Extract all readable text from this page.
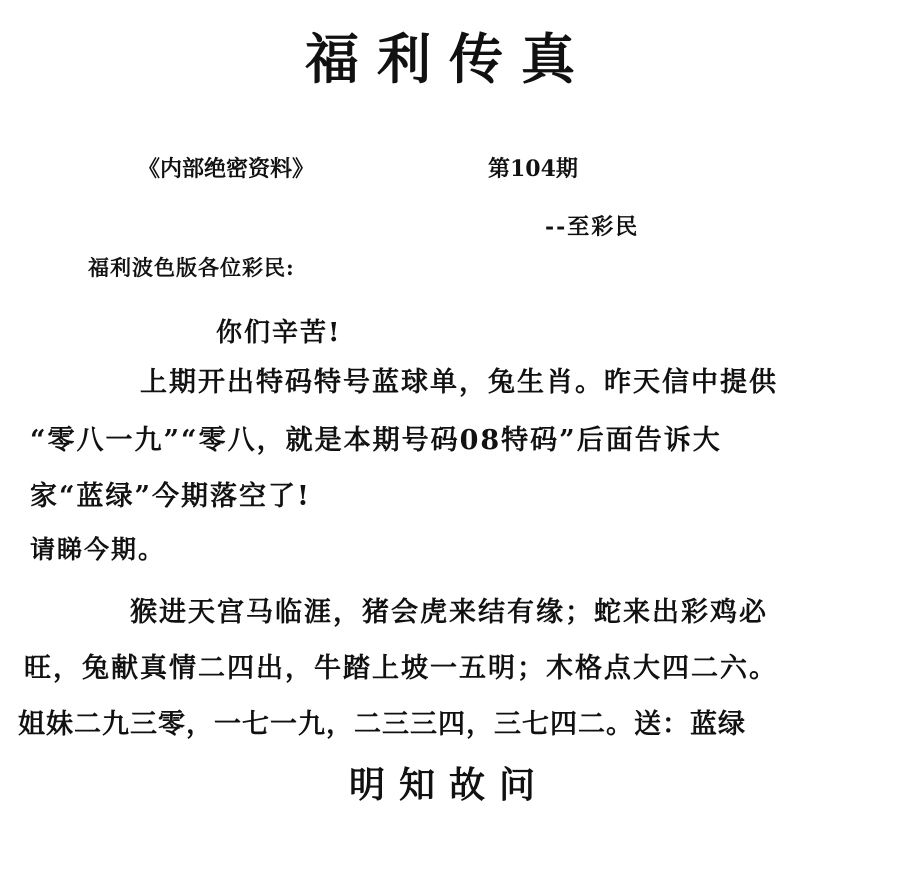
福利传真
《内部绝密资料》	第104期
--至彩民
福利波色版各位彩民:
你们辛苦!
上期开出特码特号蓝球单，兔生肖。昨天信中提供
“零八一九”“零八，就是本期号码08特码”后面告诉大
家“蓝绿”今期落空了!
请睇今期。
猴进天宫马临涯，猪会虎来结有缘；蛇来出彩鸡必
旺，兔献真情二四出，牛踏上坡一五明；木格点大四二六。
姐妹二九三零，一七一九，二三三四，三七四二。送：蓝绿
明知故问
